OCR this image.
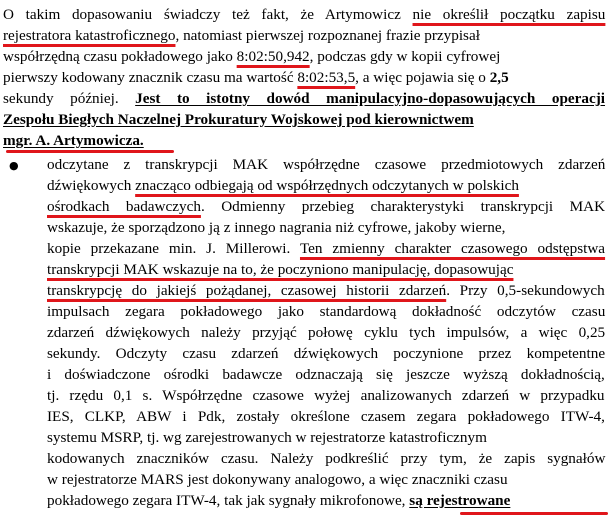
O takim dopasowaniu świadczy też fakt, że Artymowicz nie określił początku zapisu
rejestratora katastroficznego, natomiast pierwszej rozpoznanej frazie przypisał
współrzędną czasu pokładowego jako 8:02:50,942, podczas gdy w kopii cyfrowej
pierwszy kodowany znacznik czasu ma wartość 8:02:53,5, a więc pojawia się o 2,5
sekundy później. Jest to istotny dowód manipulacyjno-dopasowujących operacji
Zespołu Biegłych Naczelnej Prokuratury Wojskowej pod kierownictwem
mgr. A. Artymowicza.
● odczytane z transkrypcji MAK współrzędne czasowe przedmiotowych zdarzeń
dźwiękowych znacząco odbiegają od współrzędnych odczytanych w polskich
ośrodkach badawczych. Odmienny przebieg charakterystyki transkrypcji MAK
wskazuje, że sporządzono ją z innego nagrania niż cyfrowe, jakoby wierne,
kopie przekazane min. J. Millerowi. Ten zmienny charakter czasowego odstępstwa
transkrypcji MAK wskazuje na to, że poczyniono manipulację, dopasowując
transkrypcję do jakiejś pożądanej, czasowej historii zdarzeń. Przy 0,5-sekundowych
impulsach zegara pokładowego jako standardową dokładność odczytów czasu
zdarzeń dźwiękowych należy przyjąć połowę cyklu tych impulsów, a więc 0,25
sekundy. Odczyty czasu zdarzeń dźwiękowych poczynione przez kompetentne
i doświadczone ośrodki badawcze odznaczają się jeszcze wyższą dokładnością,
tj. rzędu 0,1 s. Współrzędne czasowe wyżej analizowanych zdarzeń w przypadku
IES, CLKP, ABW i Pdk, zostały określone czasem zegara pokładowego ITW-4,
systemu MSRP, tj. wg zarejestrowanych w rejestratorze katastroficznym
kodowanych znaczników czasu. Należy podkreślić przy tym, że zapis sygnałów
w rejestratorze MARS jest dokonywany analogowo, a więc znaczniki czasu
pokładowego zegara ITW-4, tak jak sygnały mikrofonowe, są rejestrowane
